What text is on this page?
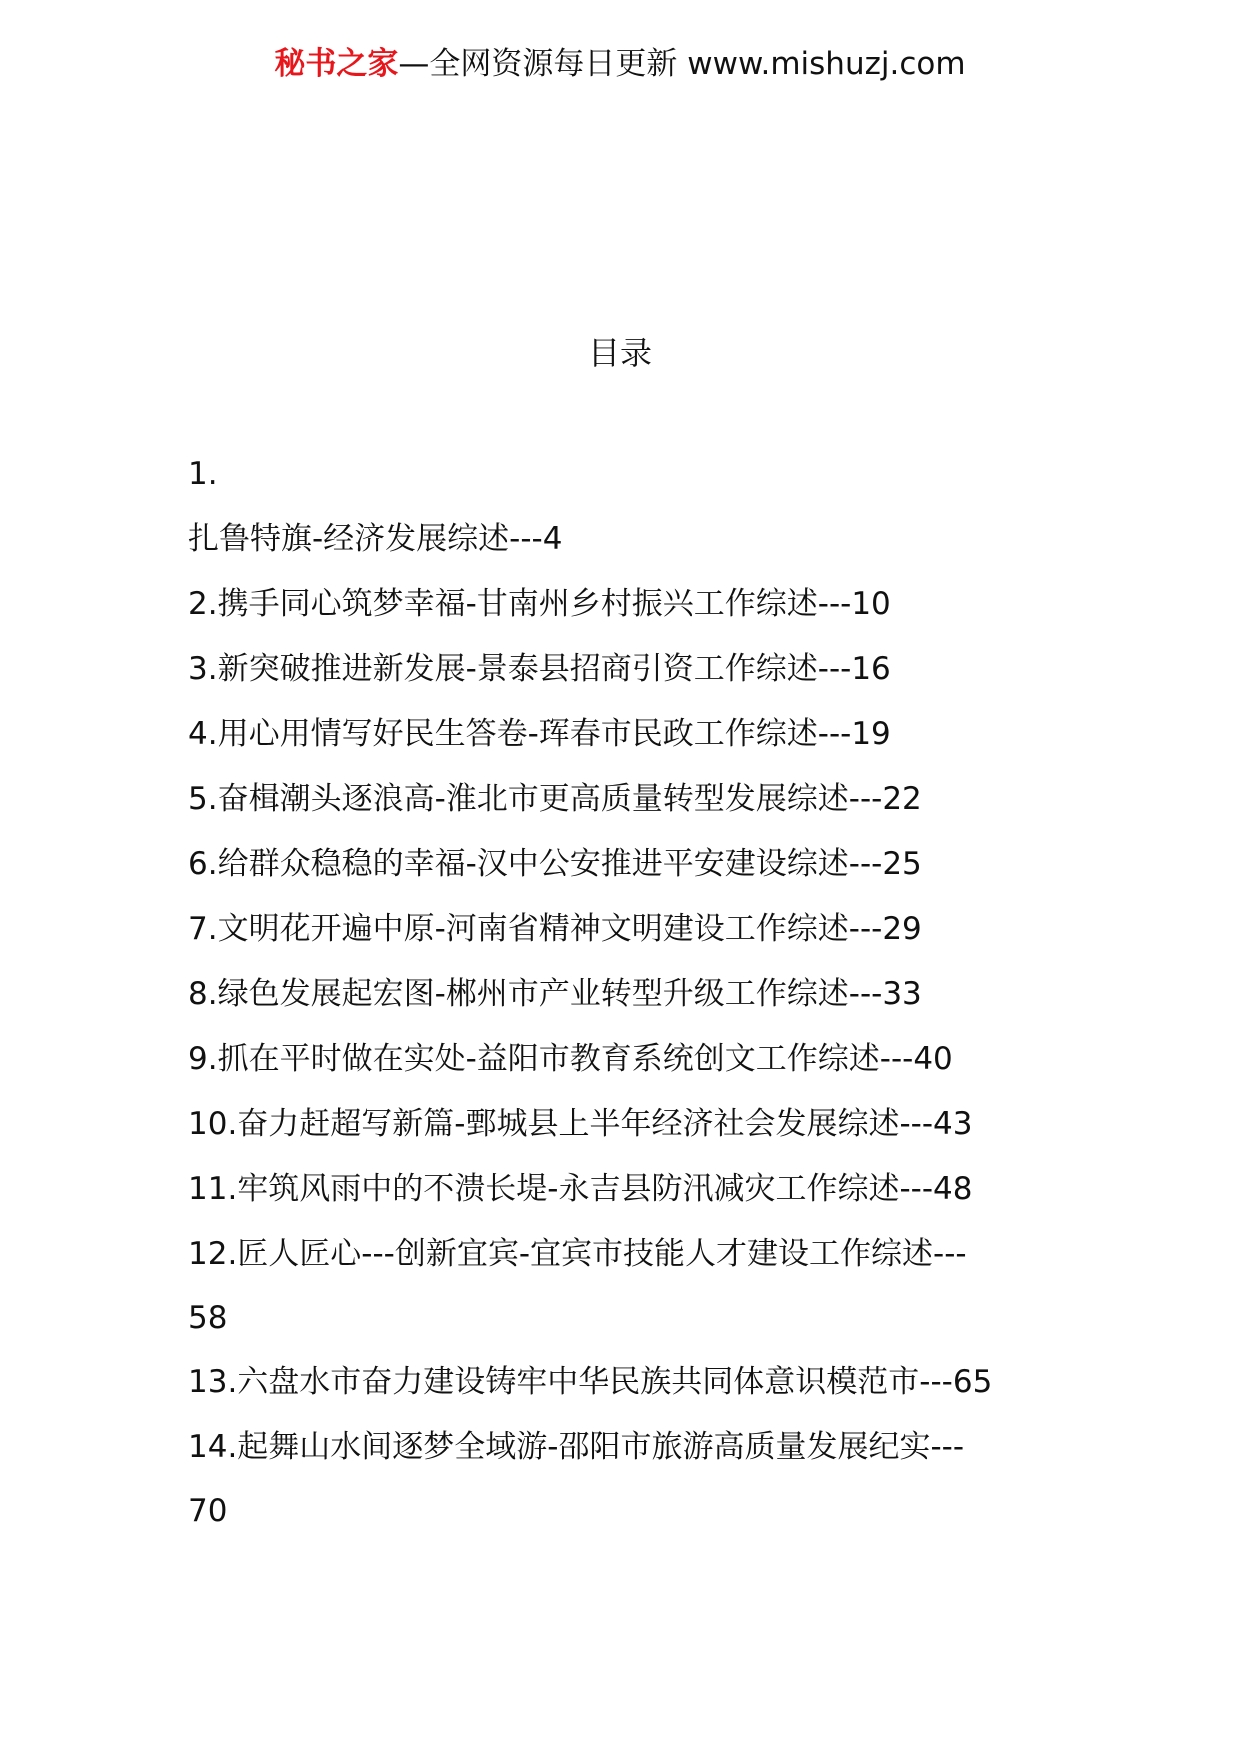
秘书之家—全网资源每日更新 www.mishuzj.com
目录
1.
扎鲁特旗-经济发展综述---4
2.携手同心筑梦幸福-甘南州乡村振兴工作综述---10
3.新突破推进新发展-景泰县招商引资工作综述---16
4.用心用情写好民生答卷-珲春市民政工作综述---19
5.奋楫潮头逐浪高-淮北市更高质量转型发展综述---22
6.给群众稳稳的幸福-汉中公安推进平安建设综述---25
7.文明花开遍中原-河南省精神文明建设工作综述---29
8.绿色发展起宏图-郴州市产业转型升级工作综述---33
9.抓在平时做在实处-益阳市教育系统创文工作综述---40
10.奋力赶超写新篇-鄄城县上半年经济社会发展综述---43
11.牢筑风雨中的不溃长堤-永吉县防汛减灾工作综述---48
12.匠人匠心---创新宜宾-宜宾市技能人才建设工作综述---
58
13.六盘水市奋力建设铸牢中华民族共同体意识模范市---65
14.起舞山水间逐梦全域游-邵阳市旅游高质量发展纪实---
70
